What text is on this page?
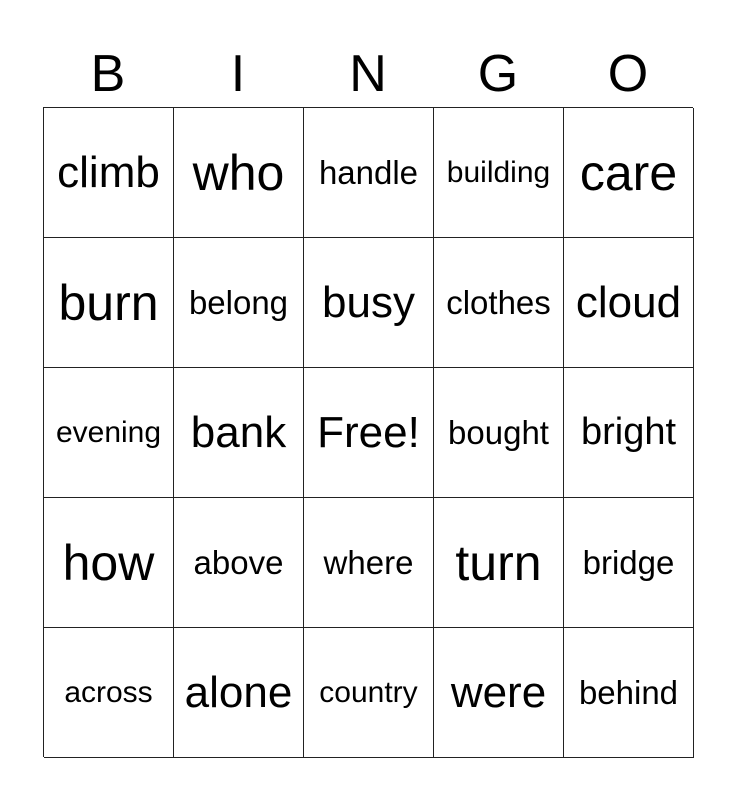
B	I	N	G	O
climb who handle building care
burn belong busy clothes cloud
evening bank Free! bought bright
how above where turn bridge
across alone country were behind
